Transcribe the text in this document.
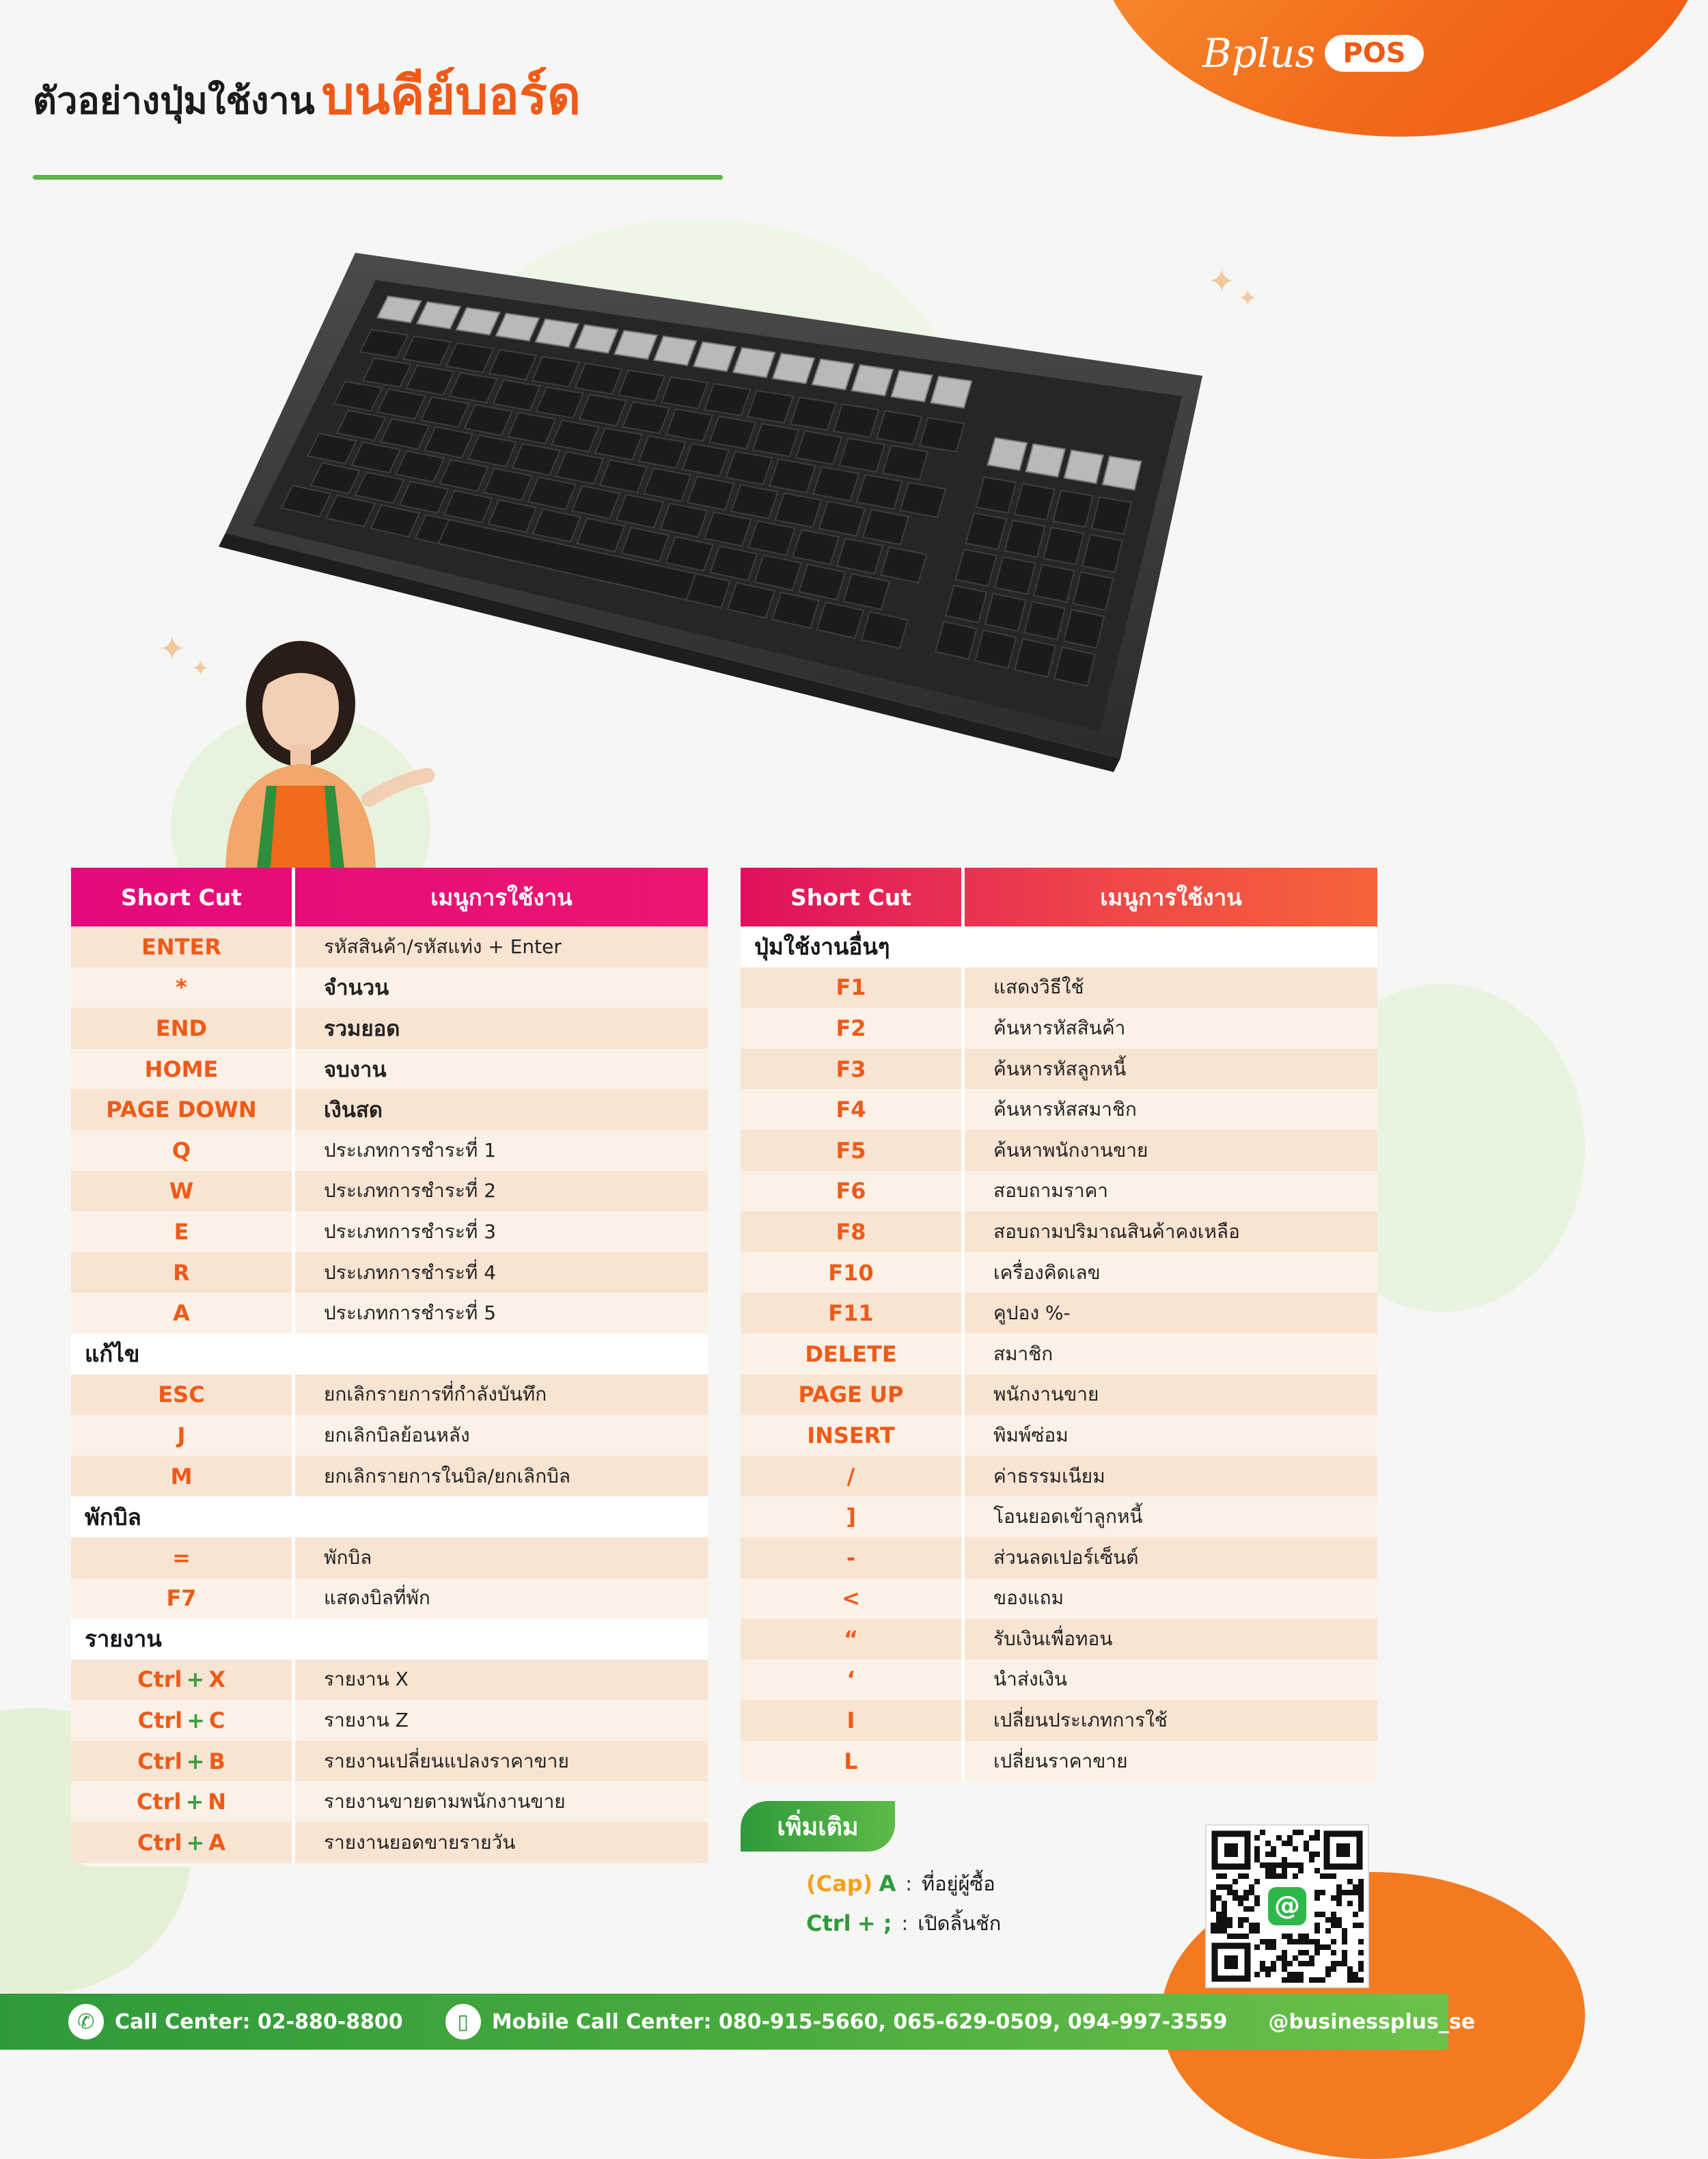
Bplus	POS
ตัวอย่างปุ่มใช้งาน บนคีย์บอร์ด
✦ ✦
✦ ✦
Short Cut	เมนูการใช้งาน
ENTER	รหัสสินค้า/รหัสแท่ง + Enter
*	จำนวน
END	รวมยอด
HOME	จบงาน
PAGE DOWN	เงินสด
Q	ประเภทการชำระที่ 1
W	ประเภทการชำระที่ 2
E	ประเภทการชำระที่ 3
R	ประเภทการชำระที่ 4
A	ประเภทการชำระที่ 5
แก้ไข
ESC	ยกเลิกรายการที่กำลังบันทึก
J	ยกเลิกบิลย้อนหลัง
M	ยกเลิกรายการในบิล/ยกเลิกบิล
พักบิล
=	พักบิล
F7	แสดงบิลที่พัก
รายงาน
Ctrl + X	รายงาน X
Ctrl + C	รายงาน Z
Ctrl + B	รายงานเปลี่ยนแปลงราคาขาย
Ctrl + N	รายงานขายตามพนักงานขาย
Ctrl + A	รายงานยอดขายรายวัน
Short Cut	เมนูการใช้งาน
ปุ่มใช้งานอื่นๆ
F1	แสดงวิธีใช้
F2	ค้นหารหัสสินค้า
F3	ค้นหารหัสลูกหนี้
F4	ค้นหารหัสสมาชิก
F5	ค้นหาพนักงานขาย
F6	สอบถามราคา
F8	สอบถามปริมาณสินค้าคงเหลือ
F10	เครื่องคิดเลข
F11	คูปอง %-
DELETE	สมาชิก
PAGE UP	พนักงานขาย
INSERT	พิมพ์ซ่อม
/	ค่าธรรมเนียม
]	โอนยอดเข้าลูกหนี้
-	ส่วนลดเปอร์เซ็นต์
<	ของแถม
“	รับเงินเพื่อทอน
‘	นำส่งเงิน
I	เปลี่ยนประเภทการใช้
L	เปลี่ยนราคาขาย
เพิ่มเติม
(Cap)
A : ที่อยู่ผู้ซื้อ
Ctrl
+ ; : เปิดลิ้นชัก
@
✆ Call Center: 02-880-8800	▯	Mobile Call Center: 080-915-5660, 065-629-0509, 094-997-3559 @businessplus_se
